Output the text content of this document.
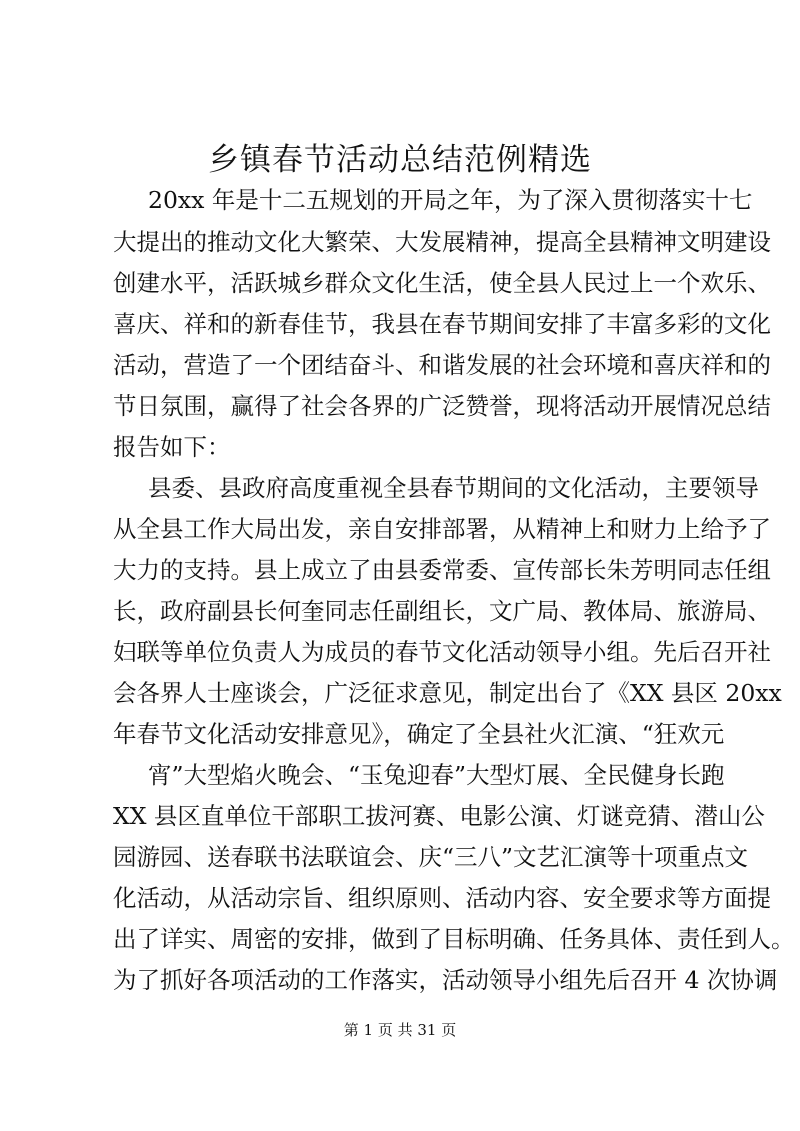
乡镇春节活动总结范例精选
20xx 年是十二五规划的开局之年，为了深入贯彻落实十七
大提出的推动文化大繁荣、大发展精神，提高全县精神文明建设
创建水平，活跃城乡群众文化生活，使全县人民过上一个欢乐、
喜庆、祥和的新春佳节，我县在春节期间安排了丰富多彩的文化
活动，营造了一个团结奋斗、和谐发展的社会环境和喜庆祥和的
节日氛围，赢得了社会各界的广泛赞誉，现将活动开展情况总结
报告如下：
县委、县政府高度重视全县春节期间的文化活动，主要领导
从全县工作大局出发，亲自安排部署，从精神上和财力上给予了
大力的支持。县上成立了由县委常委、宣传部长朱芳明同志任组
长，政府副县长何奎同志任副组长，文广局、教体局、旅游局、
妇联等单位负责人为成员的春节文化活动领导小组。先后召开社
会各界人士座谈会，广泛征求意见，制定出台了《XX 县区 20xx
年春节文化活动安排意见》，确定了全县社火汇演、“狂欢元
宵”大型焰火晚会、“玉兔迎春”大型灯展、全民健身长跑
XX 县区直单位干部职工拔河赛、电影公演、灯谜竞猜、潜山公
园游园、送春联书法联谊会、庆“三八”文艺汇演等十项重点文
化活动，从活动宗旨、组织原则、活动内容、安全要求等方面提
出了详实、周密的安排，做到了目标明确、任务具体、责任到人。
为了抓好各项活动的工作落实，活动领导小组先后召开 4 次协调
第 1 页 共 31 页
